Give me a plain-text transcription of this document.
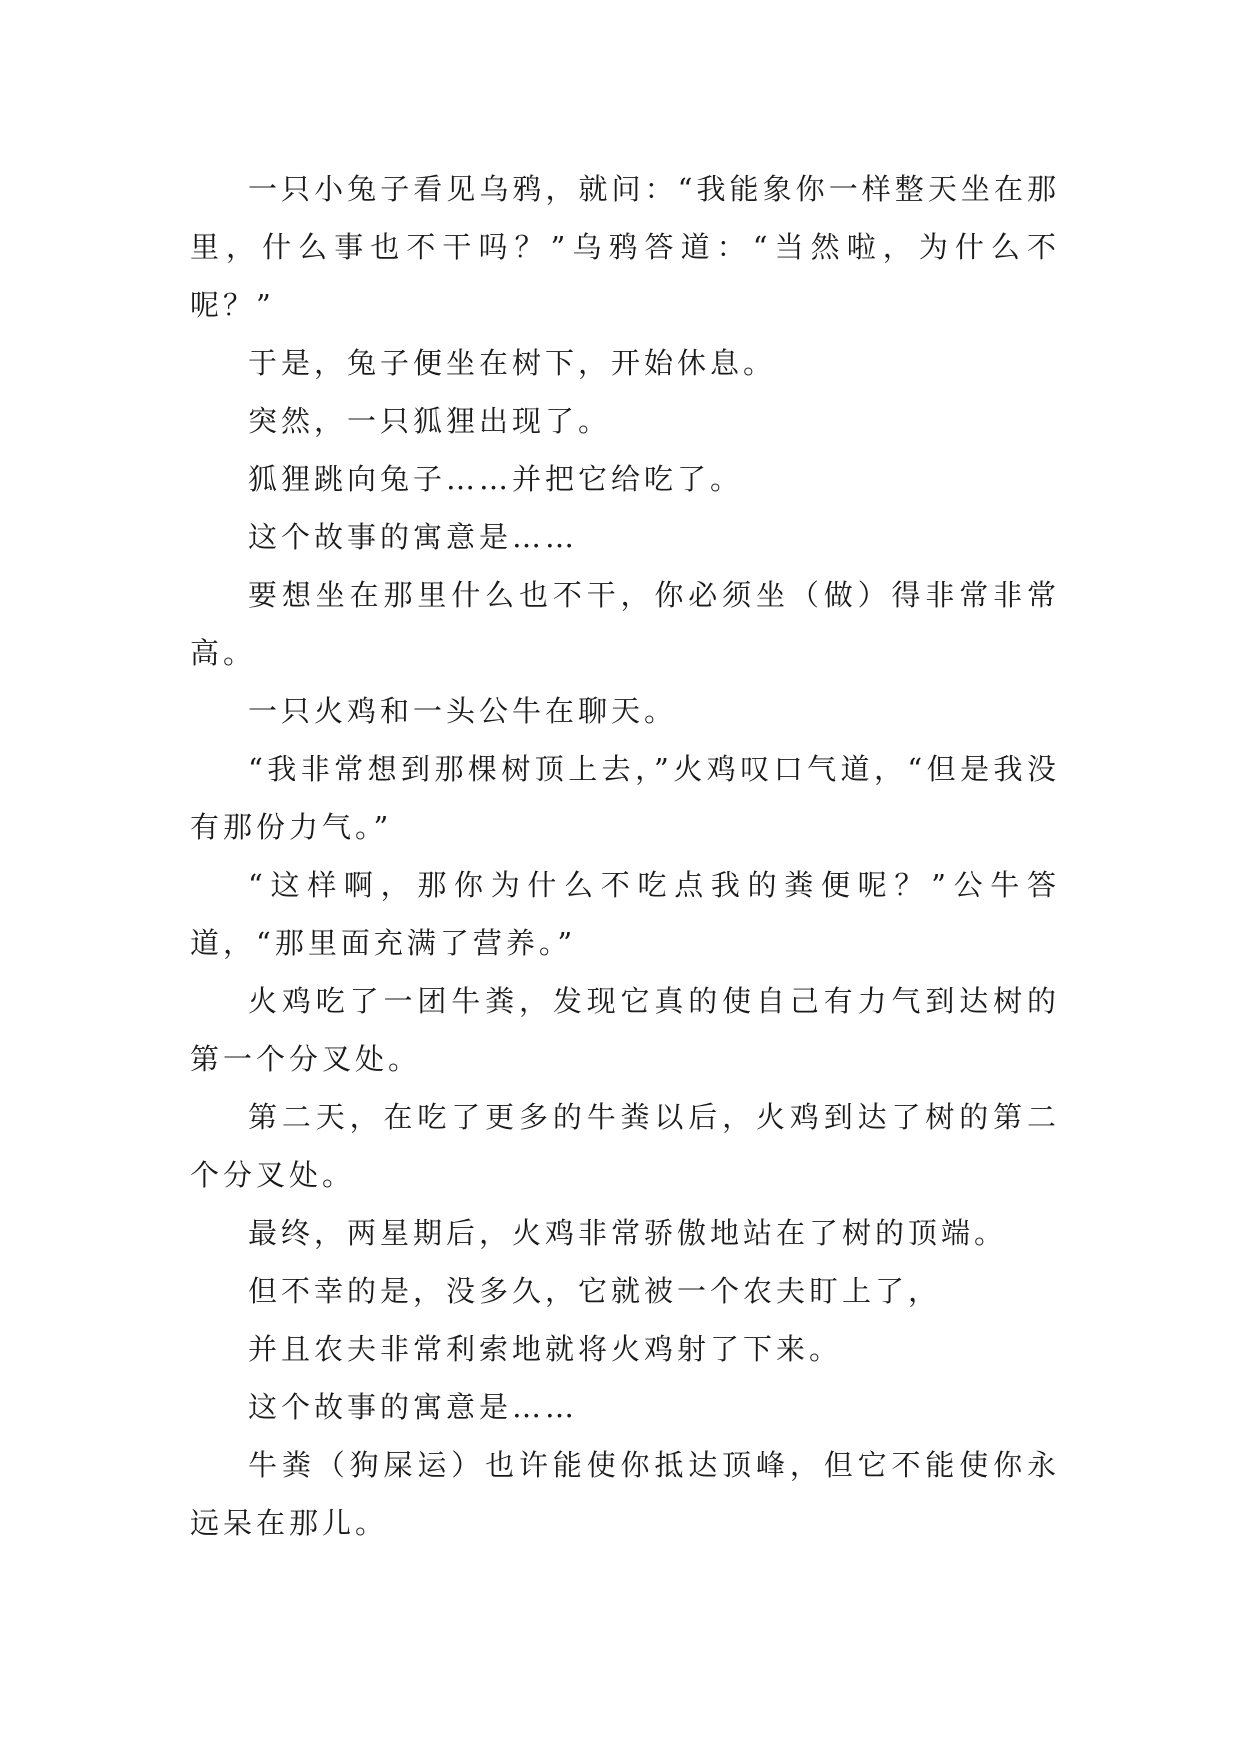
一只小兔子看见乌鸦，就问：“我能象你一样整天坐在那里，什么事也不干吗？”乌鸦答道：“当然啦，为什么不呢？”

于是，兔子便坐在树下，开始休息。

突然，一只狐狸出现了。

狐狸跳向兔子……并把它给吃了。

这个故事的寓意是……

要想坐在那里什么也不干，你必须坐（做）得非常非常高。

一只火鸡和一头公牛在聊天。

“我非常想到那棵树顶上去，”火鸡叹口气道，“但是我没有那份力气。”

“这样啊，那你为什么不吃点我的粪便呢？”公牛答道，“那里面充满了营养。”

火鸡吃了一团牛粪，发现它真的使自己有力气到达树的第一个分叉处。

第二天，在吃了更多的牛粪以后，火鸡到达了树的第二个分叉处。

最终，两星期后，火鸡非常骄傲地站在了树的顶端。

但不幸的是，没多久，它就被一个农夫盯上了，

并且农夫非常利索地就将火鸡射了下来。

这个故事的寓意是……

牛粪（狗屎运）也许能使你抵达顶峰，但它不能使你永远呆在那儿。
